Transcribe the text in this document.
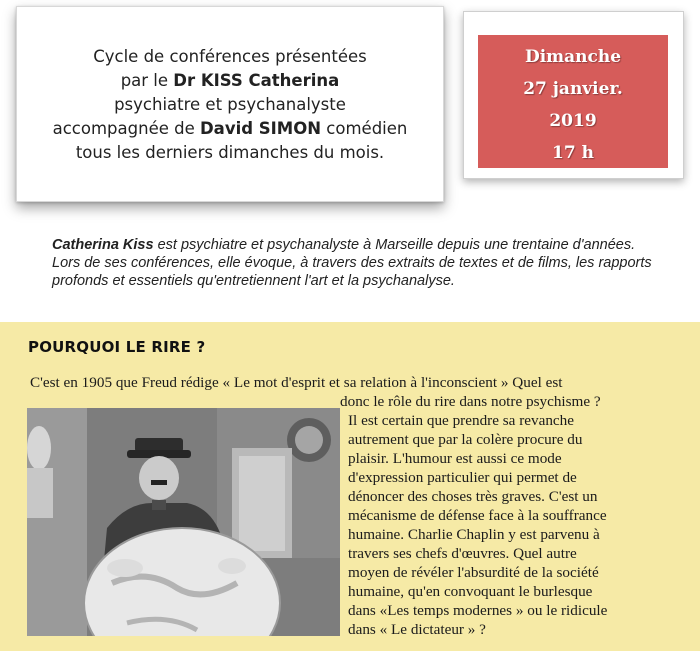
Cycle de conférences présentées
par le Dr KISS Catherina
psychiatre et psychanalyste
accompagnée de David SIMON comédien
tous les derniers dimanches du mois.
Dimanche
27 janvier.
2019
17 h
Catherina Kiss est psychiatre et psychanalyste à Marseille depuis une trentaine d'années. Lors de ses conférences, elle évoque, à travers des extraits de textes et de films, les rapports profonds et essentiels qu'entretiennent l'art et la psychanalyse.
POURQUOI LE RIRE ?
C'est en 1905 que Freud rédige « Le mot d'esprit et sa relation à l'inconscient » Quel est
donc le rôle du rire dans notre psychisme ?
Il est certain que prendre sa revanche
autrement que par la colère procure du
plaisir. L'humour est aussi ce mode
d'expression particulier qui permet de
dénoncer des choses très graves. C'est un
mécanisme de défense face à la souffrance
humaine. Charlie Chaplin y est parvenu à
travers ses chefs d'œuvres. Quel autre
moyen de révéler l'absurdité de la société
humaine, qu'en convoquant le burlesque
dans «Les temps modernes » ou le ridicule
dans « Le dictateur » ?
